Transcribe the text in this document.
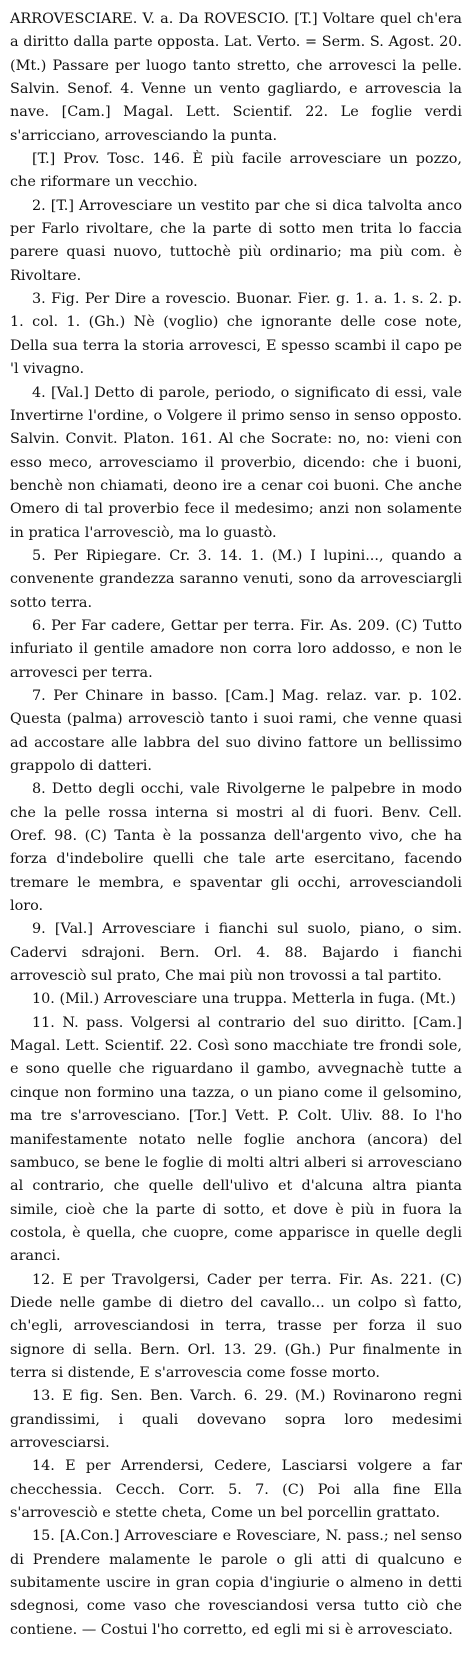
ARROVESCIARE. V. a. Da ROVESCIO. [T.] Voltare quel ch'era a diritto dalla parte opposta. Lat. Verto. = Serm. S. Agost. 20. (Mt.) Passare per luogo tanto stretto, che arrovesci la pelle. Salvin. Senof. 4. Venne un vento gagliardo, e arrovescia la nave. [Cam.] Magal. Lett. Scientif. 22. Le foglie verdi s'arricciano, arrovesciando la punta.

[T.] Prov. Tosc. 146. È più facile arrovesciare un pozzo, che riformare un vecchio.

2. [T.] Arrovesciare un vestito par che si dica talvolta anco per Farlo rivoltare, che la parte di sotto men trita lo faccia parere quasi nuovo, tuttochè più ordinario; ma più com. è Rivoltare.

3. Fig. Per Dire a rovescio. Buonar. Fier. g. 1. a. 1. s. 2. p. 1. col. 1. (Gh.) Nè (voglio) che ignorante delle cose note, Della sua terra la storia arrovesci, E spesso scambi il capo pe 'l vivagno.

4. [Val.] Detto di parole, periodo, o significato di essi, vale Invertirne l'ordine, o Volgere il primo senso in senso opposto. Salvin. Convit. Platon. 161. Al che Socrate: no, no: vieni con esso meco, arrovesciamo il proverbio, dicendo: che i buoni, benchè non chiamati, deono ire a cenar coi buoni. Che anche Omero di tal proverbio fece il medesimo; anzi non solamente in pratica l'arrovesciò, ma lo guastò.

5. Per Ripiegare. Cr. 3. 14. 1. (M.) I lupini..., quando a convenente grandezza saranno venuti, sono da arrovesciargli sotto terra.

6. Per Far cadere, Gettar per terra. Fir. As. 209. (C) Tutto infuriato il gentile amadore non corra loro addosso, e non le arrovesci per terra.

7. Per Chinare in basso. [Cam.] Mag. relaz. var. p. 102. Questa (palma) arrovesciò tanto i suoi rami, che venne quasi ad accostare alle labbra del suo divino fattore un bellissimo grappolo di datteri.

8. Detto degli occhi, vale Rivolgerne le palpebre in modo che la pelle rossa interna si mostri al di fuori. Benv. Cell. Oref. 98. (C) Tanta è la possanza dell'argento vivo, che ha forza d'indebolire quelli che tale arte esercitano, facendo tremare le membra, e spaventar gli occhi, arrovesciandoli loro.

9. [Val.] Arrovesciare i fianchi sul suolo, piano, o sim. Cadervi sdrajoni. Bern. Orl. 4. 88. Bajardo i fianchi arrovesciò sul prato, Che mai più non trovossi a tal partito.

10. (Mil.) Arrovesciare una truppa. Metterla in fuga. (Mt.)

11. N. pass. Volgersi al contrario del suo diritto. [Cam.] Magal. Lett. Scientif. 22. Così sono macchiate tre frondi sole, e sono quelle che riguardano il gambo, avvegnachè tutte a cinque non formino una tazza, o un piano come il gelsomino, ma tre s'arrovesciano. [Tor.] Vett. P. Colt. Uliv. 88. Io l'ho manifestamente notato nelle foglie anchora (ancora) del sambuco, se bene le foglie di molti altri alberi si arrovesciano al contrario, che quelle dell'ulivo et d'alcuna altra pianta simile, cioè che la parte di sotto, et dove è più in fuora la costola, è quella, che cuopre, come apparisce in quelle degli aranci.

12. E per Travolgersi, Cader per terra. Fir. As. 221. (C) Diede nelle gambe di dietro del cavallo... un colpo sì fatto, ch'egli, arrovesciandosi in terra, trasse per forza il suo signore di sella. Bern. Orl. 13. 29. (Gh.) Pur finalmente in terra si distende, E s'arrovescia come fosse morto.

13. E fig. Sen. Ben. Varch. 6. 29. (M.) Rovinarono regni grandissimi, i quali dovevano sopra loro medesimi arrovesciarsi.

14. E per Arrendersi, Cedere, Lasciarsi volgere a far checchessia. Cecch. Corr. 5. 7. (C) Poi alla fine Ella s'arrovesciò e stette cheta, Come un bel porcellin grattato.

15. [A.Con.] Arrovesciare e Rovesciare, N. pass.; nel senso di Prendere malamente le parole o gli atti di qualcuno e subitamente uscire in gran copia d'ingiurie o almeno in detti sdegnosi, come vaso che rovesciandosi versa tutto ciò che contiene. — Costui l'ho corretto, ed egli mi si è arrovesciato.
